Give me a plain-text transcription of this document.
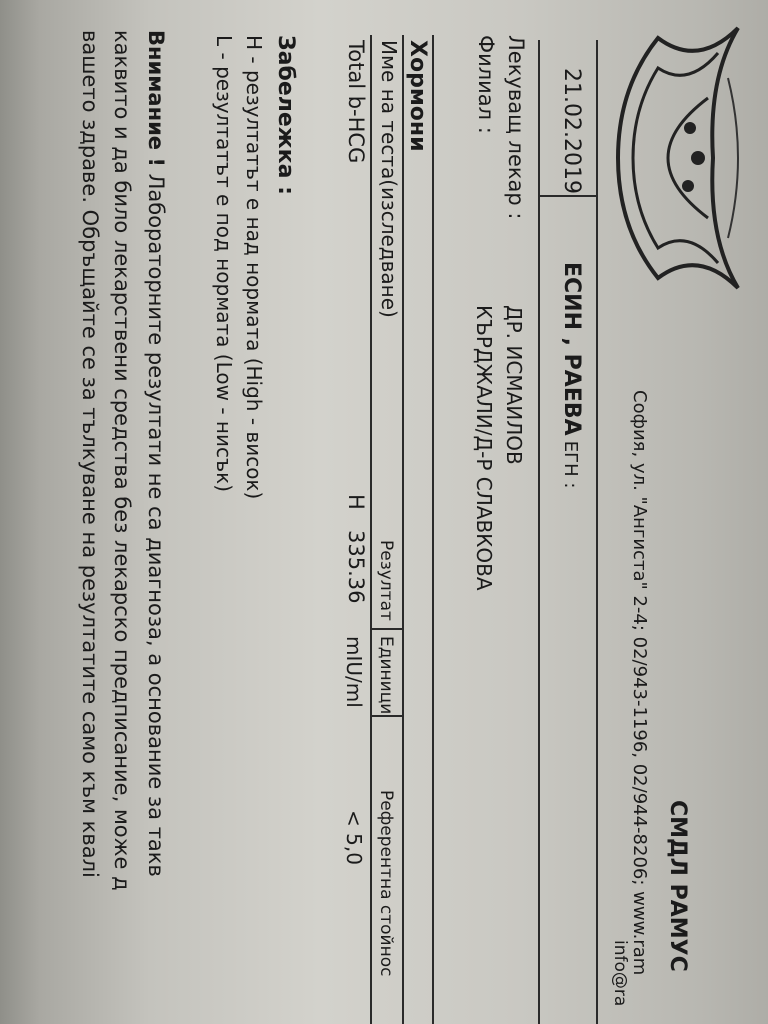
СМДЛ РАМУС
София, ул. "Ангиста" 2-4; 02/943-1196, 02/944-8206; www.ram
info@ra
21.02.2019
ЕСИН , РАЕВА ЕГН :
Лекуващ лекар :
ДР. ИСМАИЛОВ
Филиал :
КЪРДЖАЛИ/Д-Р СЛАВКОВА
Хормони
Име на теста(изследване)
Резултат
Единици
Референтна стойнос
Total b-HCG
H
335.36
mIU/ml
< 5,0
Забележка :
H - резултатът е над нормата (High - висок)
L - резултатът е под нормата (Low - нисък)
Внимание ! Лабораторните резултати не са диагноза, а основание за такв
каквито и да било лекарствени средства без лекарско предписание, може д
вашето здраве. Обръщайте се за тълкуване на резултатите само към квалі
